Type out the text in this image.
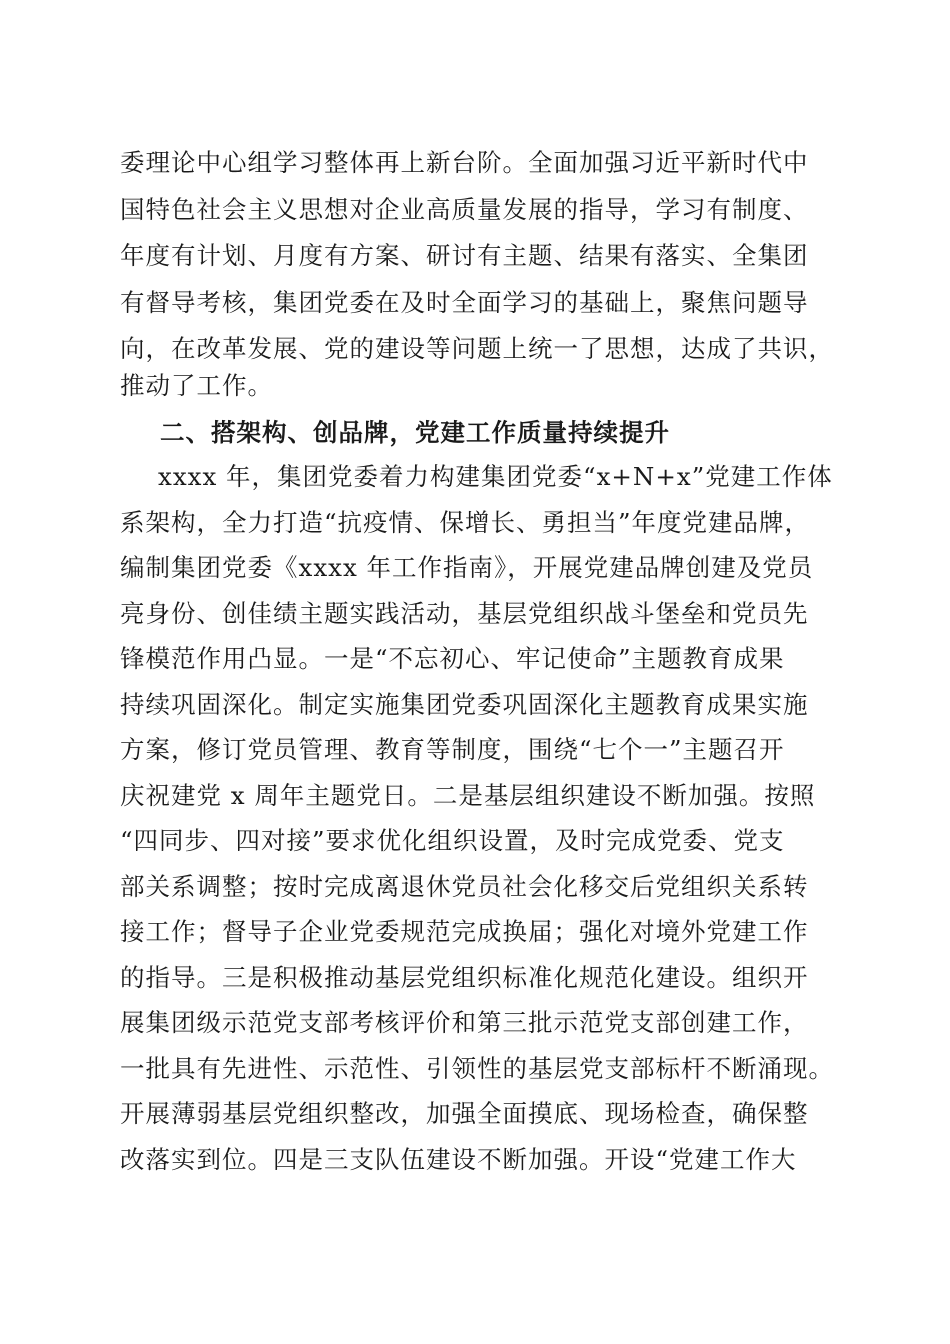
委理论中心组学习整体再上新台阶。全面加强习近平新时代中
国特色社会主义思想对企业高质量发展的指导，学习有制度、
年度有计划、月度有方案、研讨有主题、结果有落实、全集团
有督导考核，集团党委在及时全面学习的基础上，聚焦问题导
向，在改革发展、党的建设等问题上统一了思想，达成了共识，
推动了工作。
二、搭架构、创品牌，党建工作质量持续提升
xxxx 年，集团党委着力构建集团党委“x+N+x”党建工作体
系架构，全力打造“抗疫情、保增长、勇担当”年度党建品牌，
编制集团党委《xxxx 年工作指南》，开展党建品牌创建及党员
亮身份、创佳绩主题实践活动，基层党组织战斗堡垒和党员先
锋模范作用凸显。一是“不忘初心、牢记使命”主题教育成果
持续巩固深化。制定实施集团党委巩固深化主题教育成果实施
方案，修订党员管理、教育等制度，围绕“七个一”主题召开
庆祝建党 x 周年主题党日。二是基层组织建设不断加强。按照
“四同步、四对接”要求优化组织设置，及时完成党委、党支
部关系调整；按时完成离退休党员社会化移交后党组织关系转
接工作；督导子企业党委规范完成换届；强化对境外党建工作
的指导。三是积极推动基层党组织标准化规范化建设。组织开
展集团级示范党支部考核评价和第三批示范党支部创建工作，
一批具有先进性、示范性、引领性的基层党支部标杆不断涌现。
开展薄弱基层党组织整改，加强全面摸底、现场检查，确保整
改落实到位。四是三支队伍建设不断加强。开设“党建工作大
